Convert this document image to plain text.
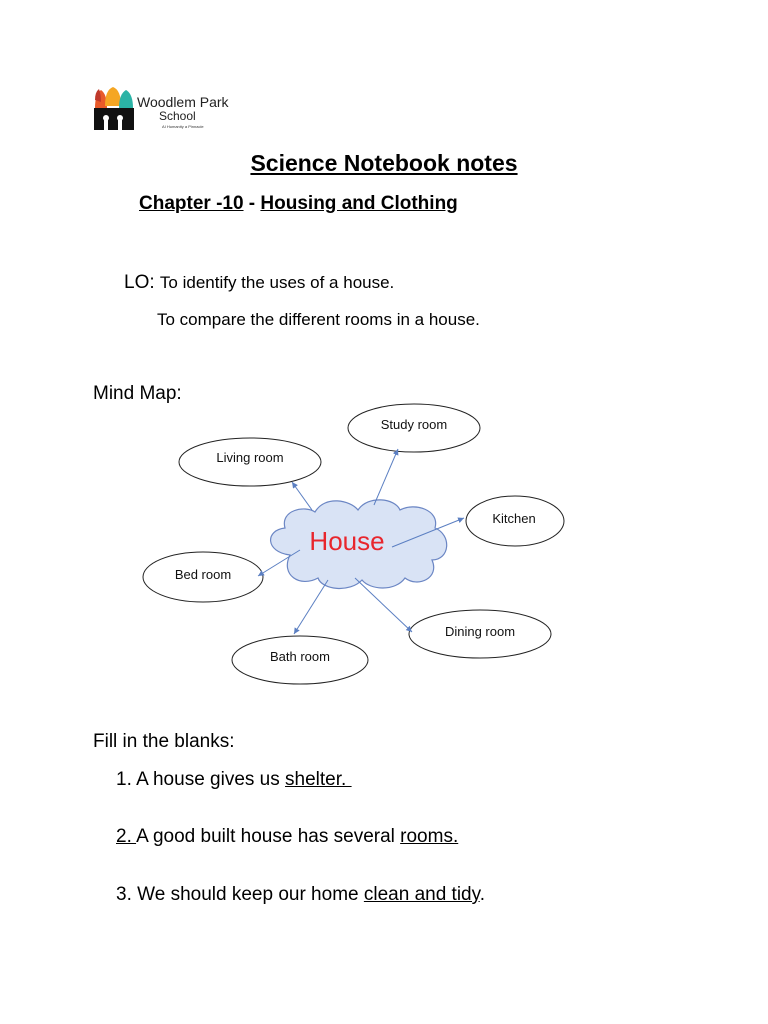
Woodlem Park
School
AI Humanity a Pinnacle
Science Notebook notes
Chapter -10 - Housing and Clothing
LO: To identify the uses of a house.
To compare the different rooms in a house.
Mind Map:
Study room
Living room
Kitchen
Bed room
Dining room
Bath room
House
Fill in the blanks:
1. A house gives us shelter.
2. A good built house has several rooms.
3. We should keep our home clean and tidy.
